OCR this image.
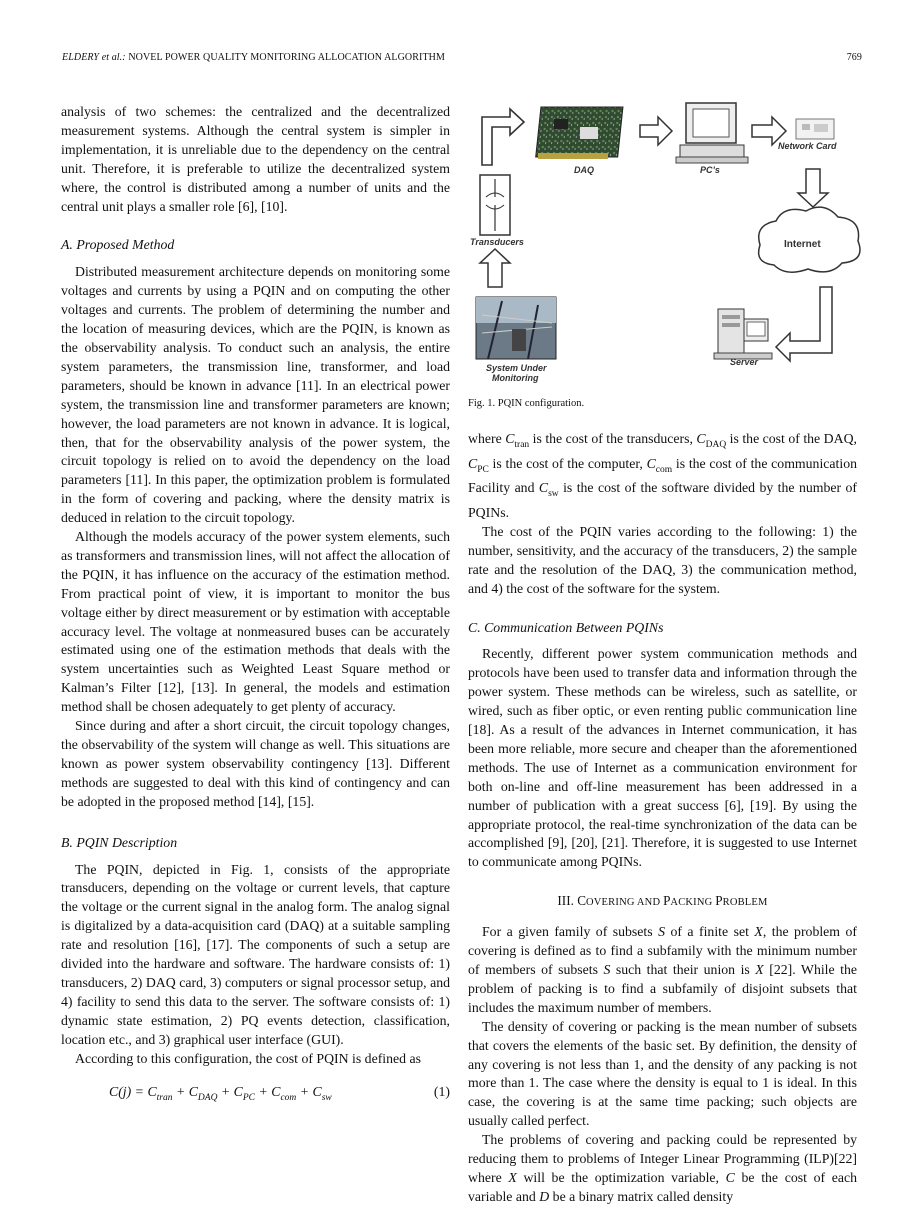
ELDERY et al.: NOVEL POWER QUALITY MONITORING ALLOCATION ALGORITHM	769

analysis of two schemes: the centralized and the decentralized measurement systems. Although the central system is simpler in implementation, it is unreliable due to the dependency on the central unit. Therefore, it is preferable to utilize the decentralized system where, the control is distributed among a number of units and the central unit plays a smaller role [6], [10].

A. Proposed Method

Distributed measurement architecture depends on monitoring some voltages and currents by using a PQIN and on computing the other voltages and currents. The problem of determining the number and the location of measuring devices, which are the PQIN, is known as the observability analysis. To conduct such an analysis, the entire system parameters, the transmission line, transformer, and load parameters, should be known in advance [11]. In an electrical power system, the transmission line and transformer parameters are known; however, the load parameters are not known in advance. It is logical, then, that for the observability analysis of the power system, the circuit topology is relied on to avoid the dependency on the load parameters [11]. In this paper, the optimization problem is formulated in the form of covering and packing, where the density matrix is deduced in relation to the circuit topology.

Although the models accuracy of the power system elements, such as transformers and transmission lines, will not affect the allocation of the PQIN, it has influence on the accuracy of the estimation method. From practical point of view, it is important to monitor the bus voltage either by direct measurement or by estimation with acceptable accuracy level. The voltage at nonmeasured buses can be accurately estimated using one of the estimation methods that deals with the system uncertainties such as Weighted Least Square method or Kalman’s Filter [12], [13]. In general, the models and estimation method shall be chosen adequately to get plenty of accuracy.

Since during and after a short circuit, the circuit topology changes, the observability of the system will change as well. This situations are known as power system observability contingency [13]. Different methods are suggested to deal with this kind of contingency and can be adopted in the proposed method [14], [15].

B. PQIN Description

The PQIN, depicted in Fig. 1, consists of the appropriate transducers, depending on the voltage or current levels, that capture the voltage or the current signal in the analog form. The analog signal is digitalized by a data-acquisition card (DAQ) at a suitable sampling rate and resolution [16], [17]. The components of such a setup are divided into the hardware and software. The hardware consists of: 1) transducers, 2) DAQ card, 3) computers or signal processor setup, and 4) facility to send this data to the server. The software consists of: 1) dynamic state estimation, 2) PQ events detection, classification, location etc., and 3) graphical user interface (GUI).

According to this configuration, the cost of PQIN is defined as

$C(j) = C_{tran} + C_{DAQ} + C_{PC} + C_{com} + C_{sw}$	(1)
DAQ	PC’s
Network Card
Transducers	Internet
Server
System Under
Monitoring
Fig. 1. PQIN configuration.

where $C_{tran}$ is the cost of the transducers, $C_{DAQ}$ is the cost of the DAQ, $C_{PC}$ is the cost of the computer, $C_{com}$ is the cost of the communication Facility and $C_{sw}$ is the cost of the software divided by the number of PQINs.

The cost of the PQIN varies according to the following: 1) the number, sensitivity, and the accuracy of the transducers, 2) the sample rate and the resolution of the DAQ, 3) the communication method, and 4) the cost of the software for the system.

C. Communication Between PQINs

Recently, different power system communication methods and protocols have been used to transfer data and information through the power system. These methods can be wireless, such as satellite, or wired, such as fiber optic, or even renting public communication line [18]. As a result of the advances in Internet communication, it has been more reliable, more secure and cheaper than the aforementioned methods. The use of Internet as a communication environment for both on-line and off-line measurement has been addressed in a number of publication with a great success [6], [19]. By using the appropriate protocol, the real-time synchronization of the data can be accomplished [9], [20], [21]. Therefore, it is suggested to use Internet to communicate among PQINs.

III. COVERING AND PACKING PROBLEM

For a given family of subsets S of a finite set X, the problem of covering is defined as to find a subfamily with the minimum number of members of subsets S such that their union is X [22]. While the problem of packing is to find a subfamily of disjoint subsets that includes the maximum number of members.

The density of covering or packing is the mean number of subsets that covers the elements of the basic set. By definition, the density of any covering is not less than 1, and the density of any packing is not more than 1. The case where the density is equal to 1 is ideal. In this case, the covering is at the same time packing; such objects are usually called perfect.

The problems of covering and packing could be represented by reducing them to problems of Integer Linear Programming (ILP)[22] where X will be the optimization variable, C be the cost of each variable and D be a binary matrix called density
